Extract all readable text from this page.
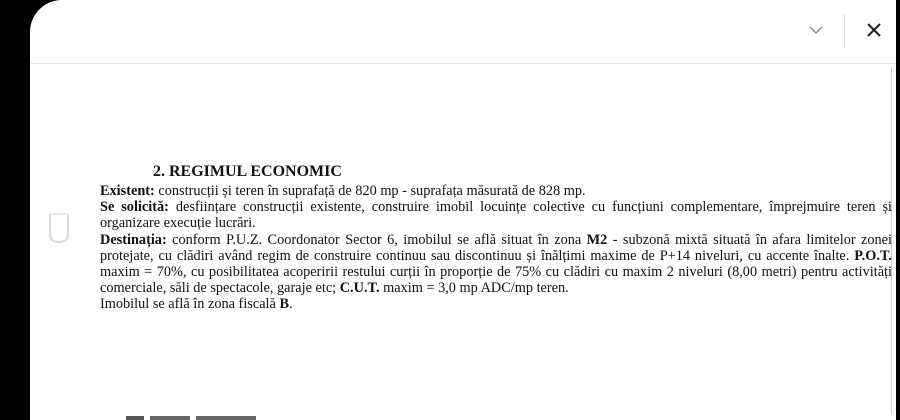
2. REGIMUL ECONOMIC

Existent: construcții și teren în suprafață de 820 mp - suprafața măsurată de 828 mp.

Se solicită: desființare construcții existente, construire imobil locuințe colective cu funcțiuni complementare, împrejmuire teren și organizare execuție lucrări.

Destinația: conform P.U.Z. Coordonator Sector 6, imobilul se află situat în zona M2 - subzonă mixtă situată în afara limitelor zonei protejate, cu clădiri având regim de construire continuu sau discontinuu și înălțimi maxime de P+14 niveluri, cu accente înalte. P.O.T. maxim = 70%, cu posibilitatea acoperirii restului curții în proporție de 75% cu clădiri cu maxim 2 niveluri (8,00 metri) pentru activități comerciale, săli de spectacole, garaje etc; C.U.T. maxim = 3,0 mp ADC/mp teren.

Imobilul se află în zona fiscală B.
